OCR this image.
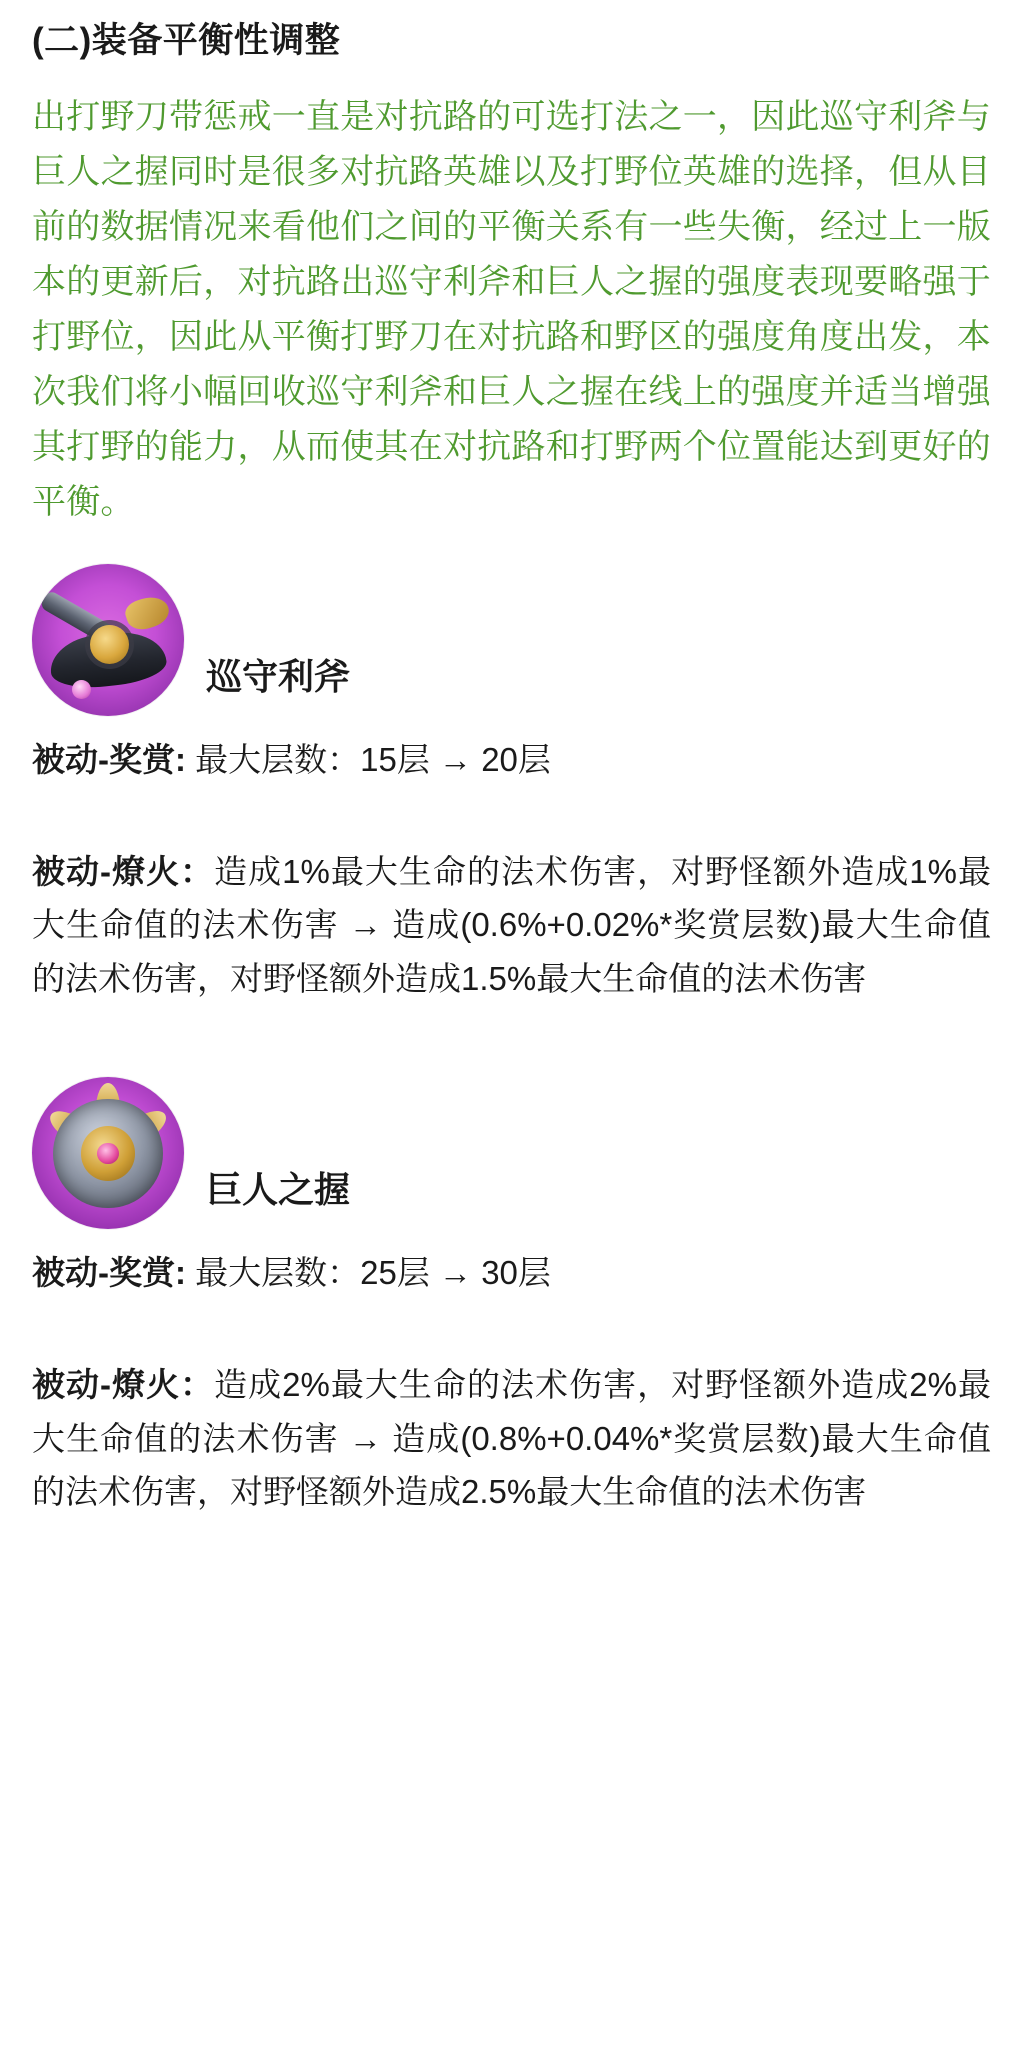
(二)装备平衡性调整

出打野刀带惩戒一直是对抗路的可选打法之一，因此巡守利斧与巨人之握同时是很多对抗路英雄以及打野位英雄的选择，但从目前的数据情况来看他们之间的平衡关系有一些失衡，经过上一版本的更新后，对抗路出巡守利斧和巨人之握的强度表现要略强于打野位，因此从平衡打野刀在对抗路和野区的强度角度出发，本次我们将小幅回收巡守利斧和巨人之握在线上的强度并适当增强其打野的能力，从而使其在对抗路和打野两个位置能达到更好的平衡。

巡守利斧

被动-奖赏: 最大层数：15层 → 20层

被动-燎火：造成1%最大生命的法术伤害，对野怪额外造成1%最大生命值的法术伤害 → 造成(0.6%+0.02%*奖赏层数)最大生命值的法术伤害，对野怪额外造成1.5%最大生命值的法术伤害

巨人之握

被动-奖赏: 最大层数：25层 → 30层

被动-燎火：造成2%最大生命的法术伤害，对野怪额外造成2%最大生命值的法术伤害 → 造成(0.8%+0.04%*奖赏层数)最大生命值的法术伤害，对野怪额外造成2.5%最大生命值的法术伤害
